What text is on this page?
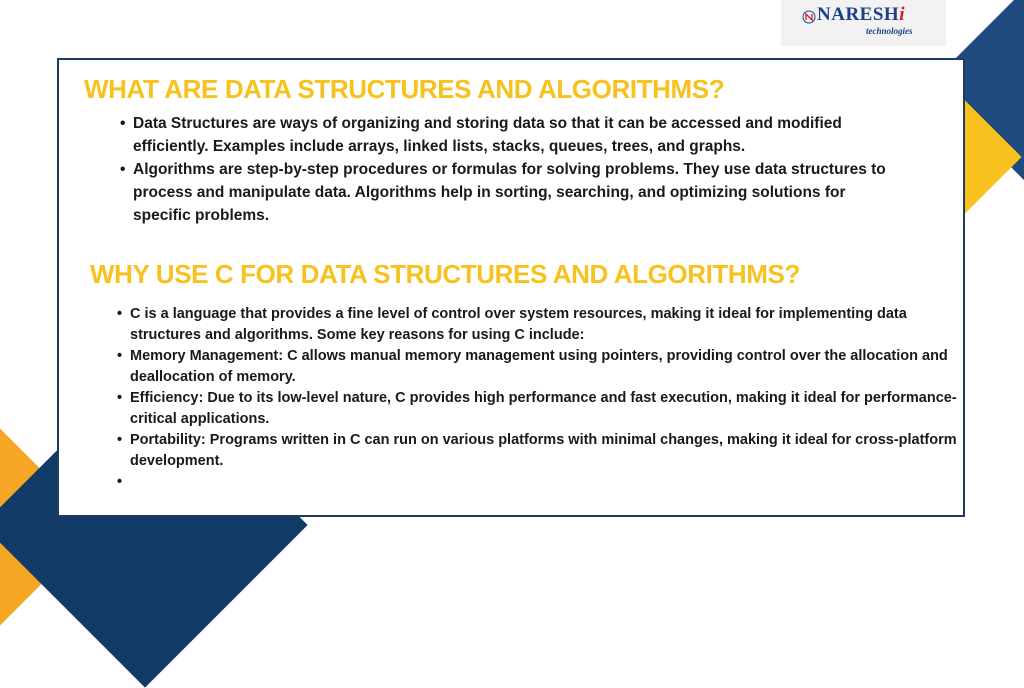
NARESHi
technologies
WHAT ARE DATA STRUCTURES AND ALGORITHMS?
• Data Structures are ways of organizing and storing data so that it can be accessed and modified efficiently. Examples include arrays, linked lists, stacks, queues, trees, and graphs.
• Algorithms are step-by-step procedures or formulas for solving problems. They use data structures to process and manipulate data. Algorithms help in sorting, searching, and optimizing solutions for specific problems.
WHY USE C FOR DATA STRUCTURES AND ALGORITHMS?
• C is a language that provides a fine level of control over system resources, making it ideal for implementing data structures and algorithms. Some key reasons for using C include:
• Memory Management: C allows manual memory management using pointers, providing control over the allocation and deallocation of memory.
• Efficiency: Due to its low-level nature, C provides high performance and fast execution, making it ideal for performance-critical applications.
• Portability: Programs written in C can run on various platforms with minimal changes, making it ideal for cross-platform development.
•
